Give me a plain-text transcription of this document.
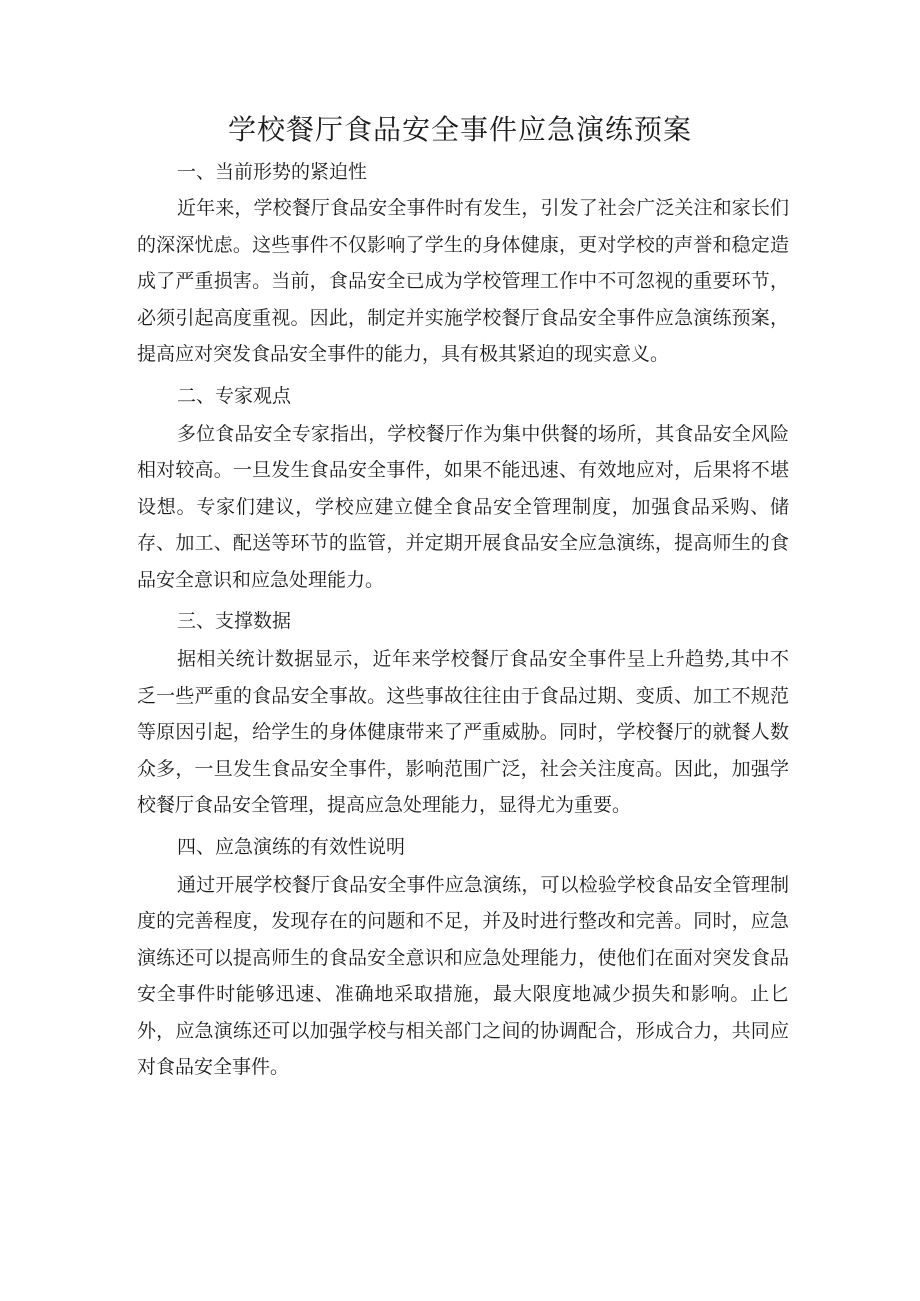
学校餐厅食品安全事件应急演练预案
一、当前形势的紧迫性

近年来，学校餐厅食品安全事件时有发生，引发了社会广泛关注和家长们的深深忧虑。这些事件不仅影响了学生的身体健康，更对学校的声誉和稳定造成了严重损害。当前，食品安全已成为学校管理工作中不可忽视的重要环节，必须引起高度重视。因此，制定并实施学校餐厅食品安全事件应急演练预案，提高应对突发食品安全事件的能力，具有极其紧迫的现实意义。

二、专家观点

多位食品安全专家指出，学校餐厅作为集中供餐的场所，其食品安全风险相对较高。一旦发生食品安全事件，如果不能迅速、有效地应对，后果将不堪设想。专家们建议，学校应建立健全食品安全管理制度，加强食品采购、储存、加工、配送等环节的监管，并定期开展食品安全应急演练，提高师生的食品安全意识和应急处理能力。

三、支撑数据

据相关统计数据显示，近年来学校餐厅食品安全事件呈上升趋势,其中不乏一些严重的食品安全事故。这些事故往往由于食品过期、变质、加工不规范等原因引起，给学生的身体健康带来了严重威胁。同时，学校餐厅的就餐人数众多，一旦发生食品安全事件，影响范围广泛，社会关注度高。因此，加强学校餐厅食品安全管理，提高应急处理能力，显得尤为重要。

四、应急演练的有效性说明

通过开展学校餐厅食品安全事件应急演练，可以检验学校食品安全管理制度的完善程度，发现存在的问题和不足，并及时进行整改和完善。同时，应急演练还可以提高师生的食品安全意识和应急处理能力，使他们在面对突发食品安全事件时能够迅速、准确地采取措施，最大限度地减少损失和影响。止匕外，应急演练还可以加强学校与相关部门之间的协调配合，形成合力，共同应对食品安全事件。
